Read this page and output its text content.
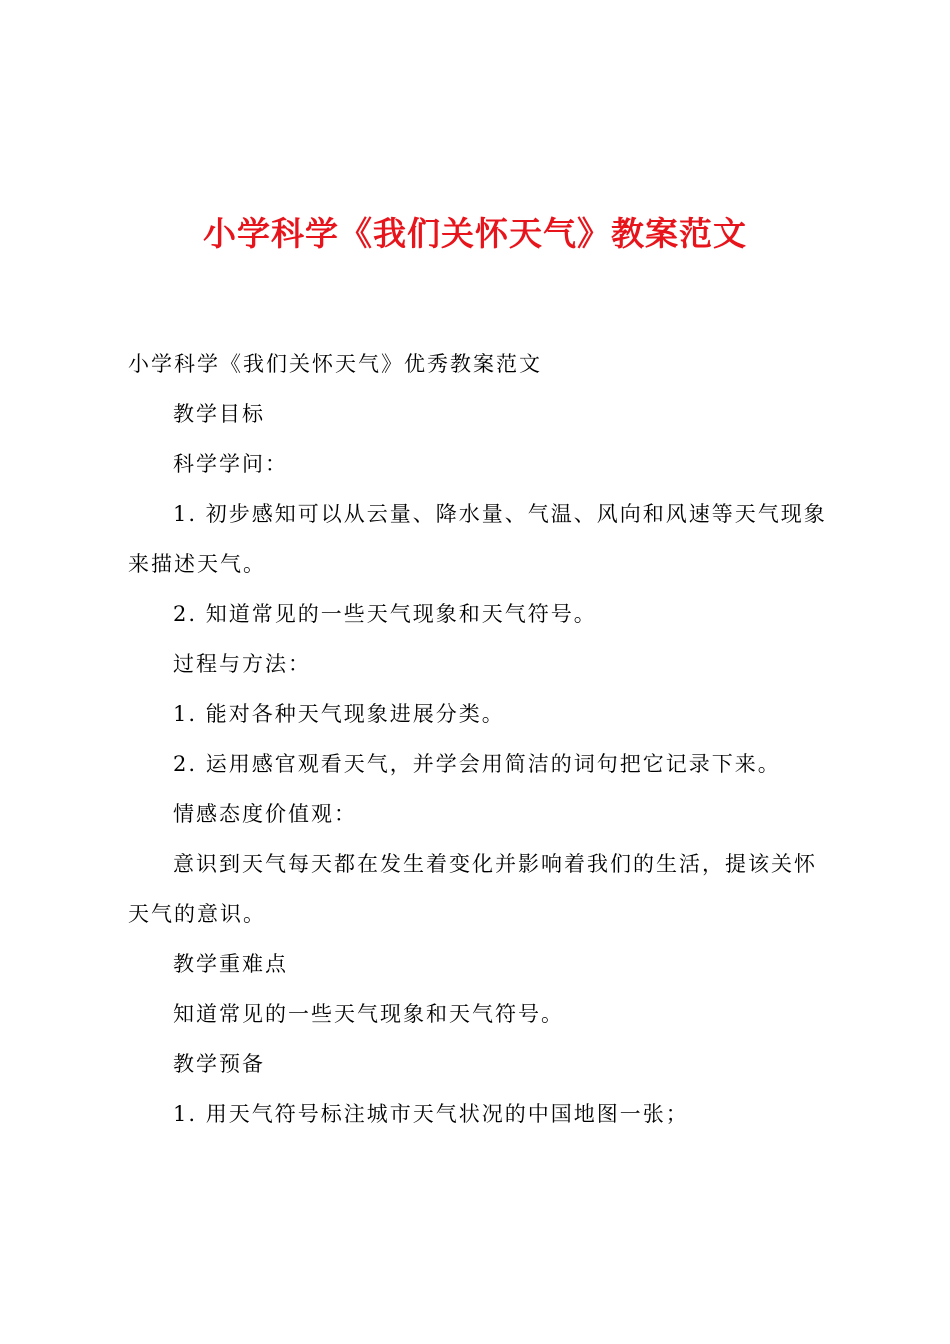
小学科学《我们关怀天气》教案范文

小学科学《我们关怀天气》优秀教案范文

教学目标

科学学问：

1. 初步感知可以从云量、降水量、气温、风向和风速等天气现象来描述天气。

2. 知道常见的一些天气现象和天气符号。

过程与方法：

1. 能对各种天气现象进展分类。

2. 运用感官观看天气，并学会用简洁的词句把它记录下来。

情感态度价值观：

意识到天气每天都在发生着变化并影响着我们的生活，提该关怀天气的意识。

教学重难点

知道常见的一些天气现象和天气符号。

教学预备

1. 用天气符号标注城市天气状况的中国地图一张；
